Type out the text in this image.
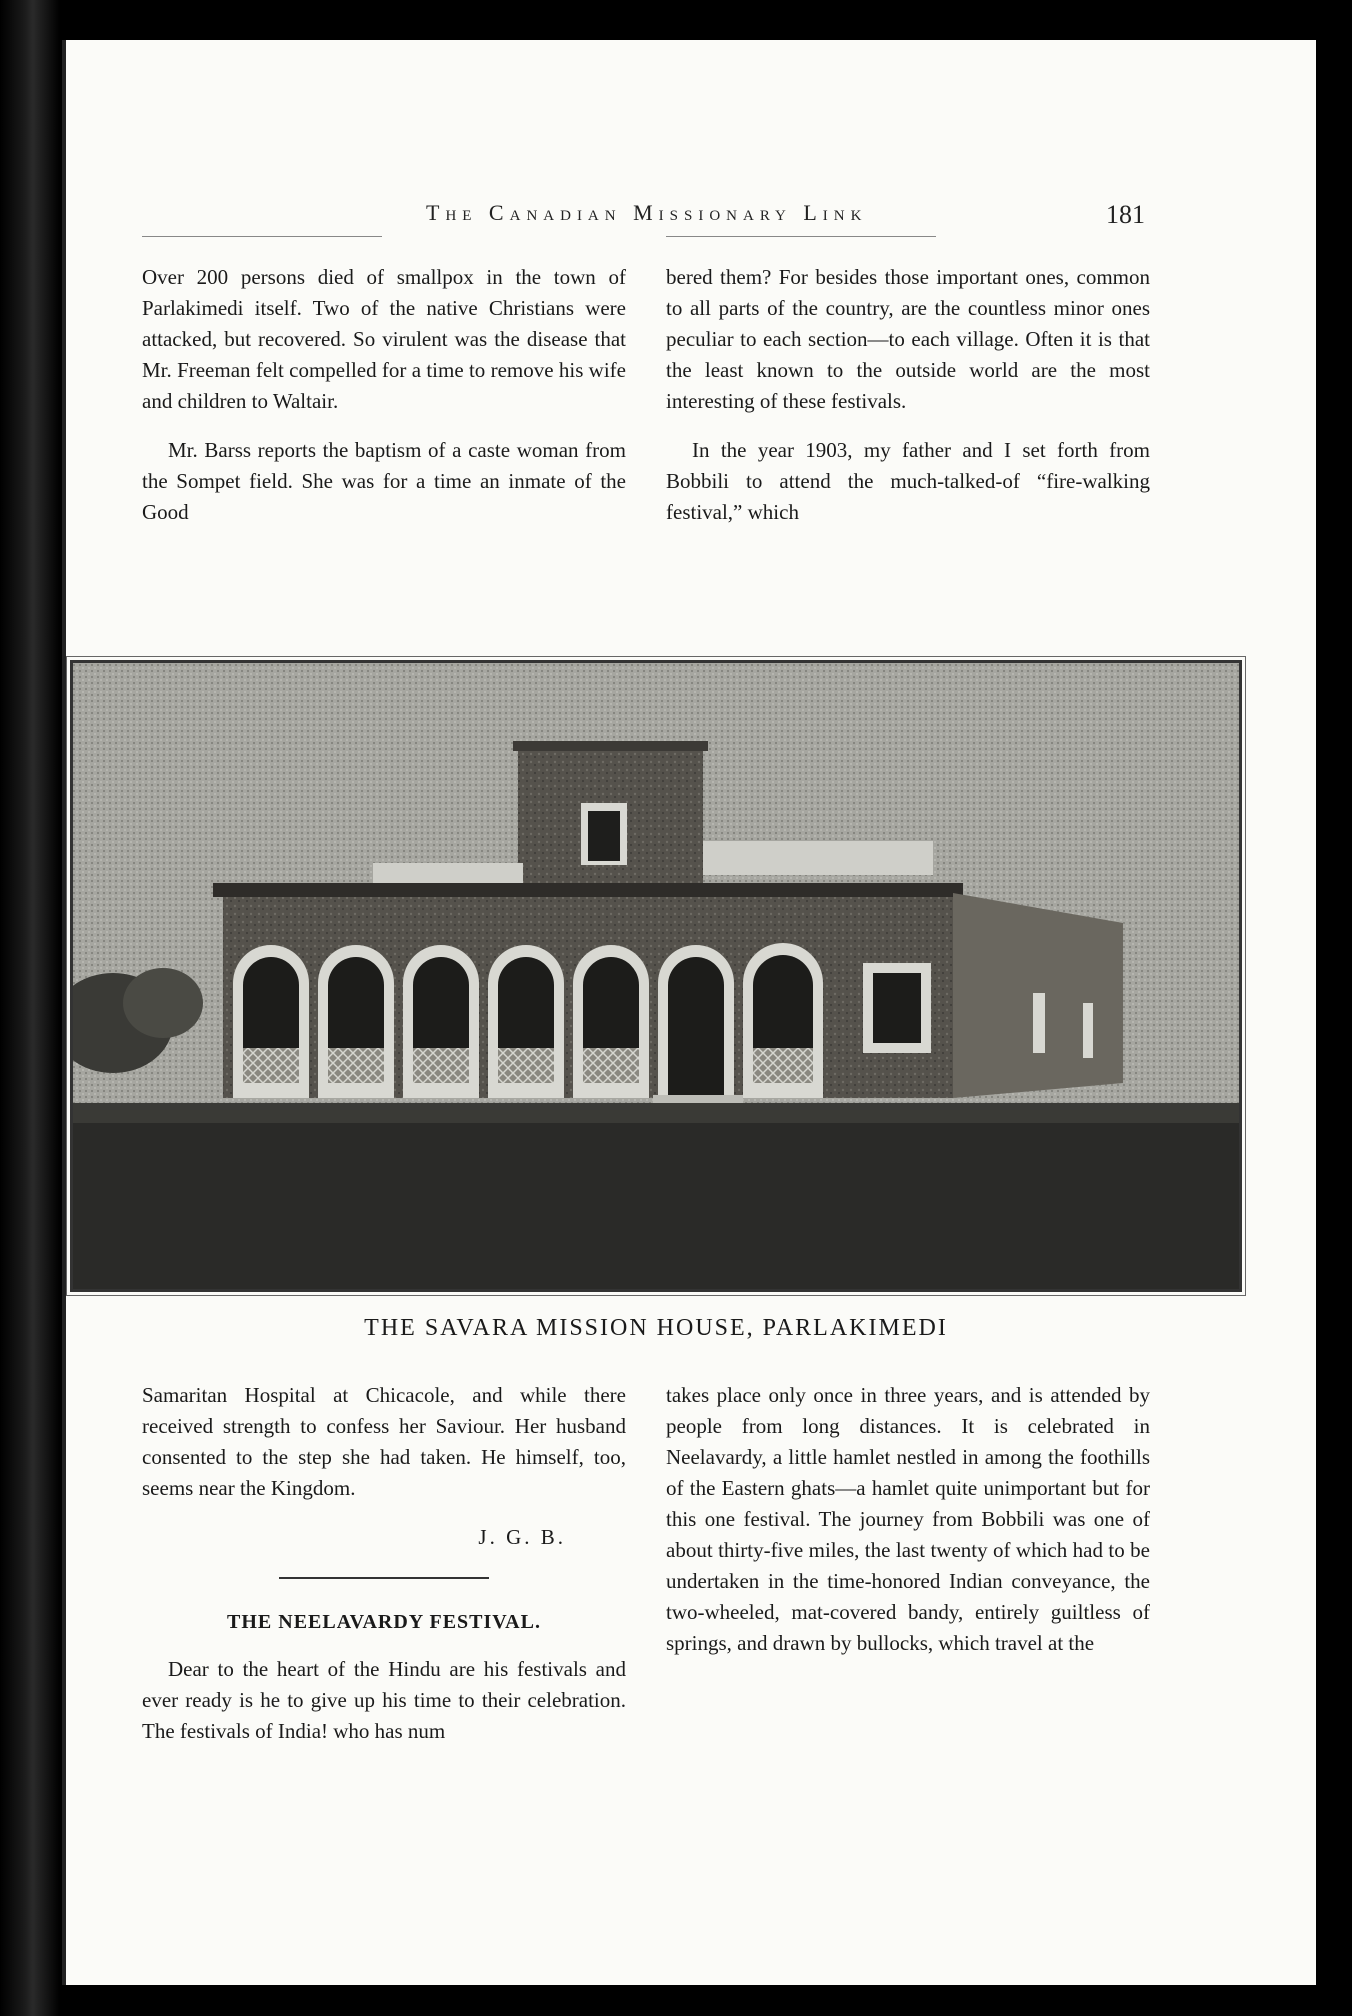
The Canadian Missionary Link	181

Over 200 persons died of smallpox in the town of Parlakimedi itself. Two of the native Christians were attacked, but recovered. So virulent was the disease that Mr. Freeman felt compelled for a time to remove his wife and children to Waltair.

Mr. Barss reports the baptism of a caste woman from the Sompet field. She was for a time an inmate of the Good

bered them? For besides those important ones, common to all parts of the country, are the countless minor ones peculiar to each section—to each village. Often it is that the least known to the outside world are the most interesting of these festivals.

In the year 1903, my father and I set forth from Bobbili to attend the much-talked-of “fire-walking festival,” which

THE SAVARA MISSION HOUSE, PARLAKIMEDI

Samaritan Hospital at Chicacole, and while there received strength to confess her Saviour. Her husband consented to the step she had taken. He himself, too, seems near the Kingdom.

J. G. B.
THE NEELAVARDY FESTIVAL.

Dear to the heart of the Hindu are his festivals and ever ready is he to give up his time to their celebration. The festivals of India! who has num

takes place only once in three years, and is attended by people from long distances. It is celebrated in Neelavardy, a little hamlet nestled in among the foothills of the Eastern ghats—a hamlet quite unimportant but for this one festival. The journey from Bobbili was one of about thirty-five miles, the last twenty of which had to be undertaken in the time-honored Indian conveyance, the two-wheeled, mat-covered bandy, entirely guiltless of springs, and drawn by bullocks, which travel at the
